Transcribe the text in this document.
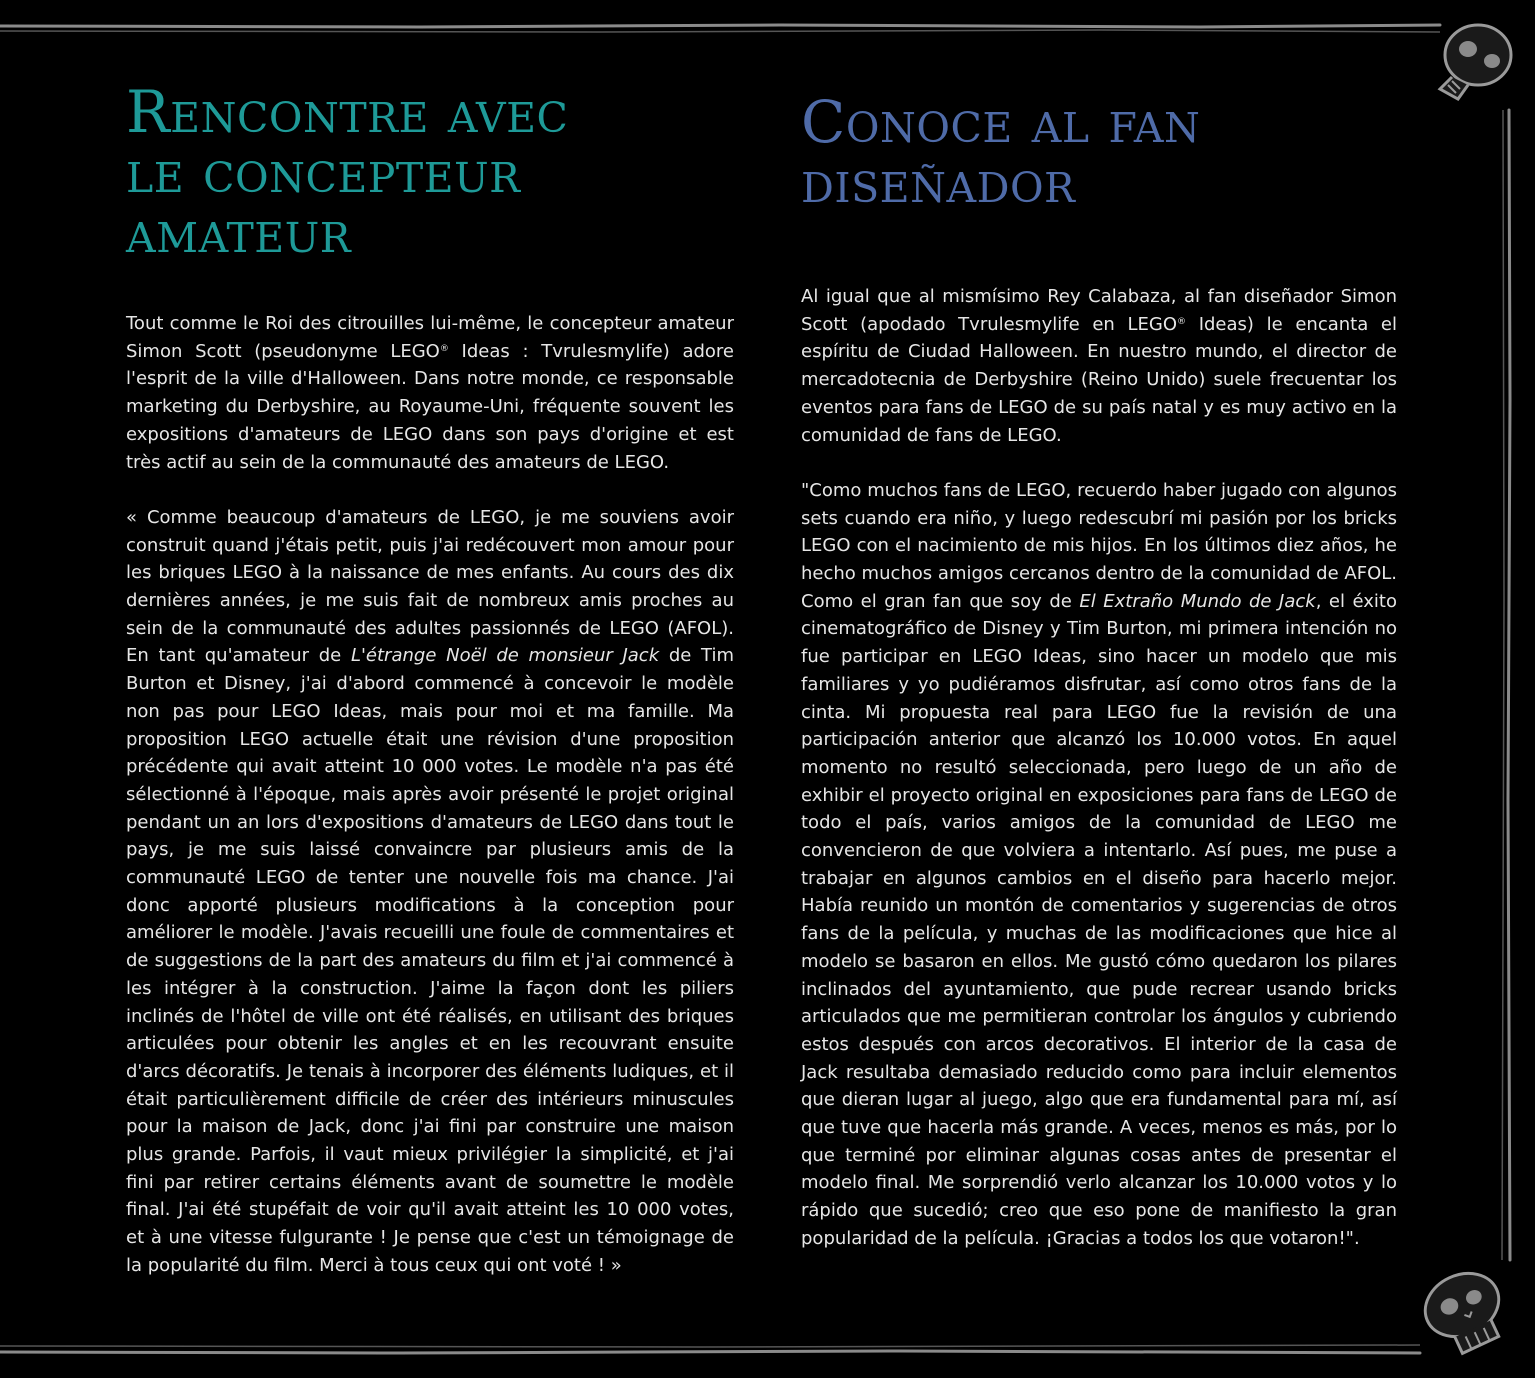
Rencontre avec
le concepteur
amateur

Tout comme le Roi des citrouilles lui-même, le concepteur amateur Simon Scott (pseudonyme LEGO® Ideas : Tvrulesmylife) adore l'esprit de la ville d'Halloween. Dans notre monde, ce responsable marketing du Derbyshire, au Royaume-Uni, fréquente souvent les expositions d'amateurs de LEGO dans son pays d'origine et est très actif au sein de la communauté des amateurs de LEGO.

« Comme beaucoup d'amateurs de LEGO, je me souviens avoir construit quand j'étais petit, puis j'ai redécouvert mon amour pour les briques LEGO à la naissance de mes enfants. Au cours des dix dernières années, je me suis fait de nombreux amis proches au sein de la communauté des adultes passionnés de LEGO (AFOL). En tant qu'amateur de L'étrange Noël de monsieur Jack de Tim Burton et Disney, j'ai d'abord commencé à concevoir le modèle non pas pour LEGO Ideas, mais pour moi et ma famille. Ma proposition LEGO actuelle était une révision d'une proposition précédente qui avait atteint 10 000 votes. Le modèle n'a pas été sélectionné à l'époque, mais après avoir présenté le projet original pendant un an lors d'expositions d'amateurs de LEGO dans tout le pays, je me suis laissé convaincre par plusieurs amis de la communauté LEGO de tenter une nouvelle fois ma chance. J'ai donc apporté plusieurs modifications à la conception pour améliorer le modèle. J'avais recueilli une foule de commentaires et de suggestions de la part des amateurs du film et j'ai commencé à les intégrer à la construction. J'aime la façon dont les piliers inclinés de l'hôtel de ville ont été réalisés, en utilisant des briques articulées pour obtenir les angles et en les recouvrant ensuite d'arcs décoratifs. Je tenais à incorporer des éléments ludiques, et il était particulièrement difficile de créer des intérieurs minuscules pour la maison de Jack, donc j'ai fini par construire une maison plus grande. Parfois, il vaut mieux privilégier la simplicité, et j'ai fini par retirer certains éléments avant de soumettre le modèle final. J'ai été stupéfait de voir qu'il avait atteint les 10 000 votes, et à une vitesse fulgurante ! Je pense que c'est un témoignage de la popularité du film. Merci à tous ceux qui ont voté ! »

Conoce al fan
diseñador

Al igual que al mismísimo Rey Calabaza, al fan diseñador Simon Scott (apodado Tvrulesmylife en LEGO® Ideas) le encanta el espíritu de Ciudad Halloween. En nuestro mundo, el director de mercadotecnia de Derbyshire (Reino Unido) suele frecuentar los eventos para fans de LEGO de su país natal y es muy activo en la comunidad de fans de LEGO.

"Como muchos fans de LEGO, recuerdo haber jugado con algunos sets cuando era niño, y luego redescubrí mi pasión por los bricks LEGO con el nacimiento de mis hijos. En los últimos diez años, he hecho muchos amigos cercanos dentro de la comunidad de AFOL. Como el gran fan que soy de El Extraño Mundo de Jack, el éxito cinematográfico de Disney y Tim Burton, mi primera intención no fue participar en LEGO Ideas, sino hacer un modelo que mis familiares y yo pudiéramos disfrutar, así como otros fans de la cinta. Mi propuesta real para LEGO fue la revisión de una participación anterior que alcanzó los 10.000 votos. En aquel momento no resultó seleccionada, pero luego de un año de exhibir el proyecto original en exposiciones para fans de LEGO de todo el país, varios amigos de la comunidad de LEGO me convencieron de que volviera a intentarlo. Así pues, me puse a trabajar en algunos cambios en el diseño para hacerlo mejor. Había reunido un montón de comentarios y sugerencias de otros fans de la película, y muchas de las modificaciones que hice al modelo se basaron en ellos. Me gustó cómo quedaron los pilares inclinados del ayuntamiento, que pude recrear usando bricks articulados que me permitieran controlar los ángulos y cubriendo estos después con arcos decorativos. El interior de la casa de Jack resultaba demasiado reducido como para incluir elementos que dieran lugar al juego, algo que era fundamental para mí, así que tuve que hacerla más grande. A veces, menos es más, por lo que terminé por eliminar algunas cosas antes de presentar el modelo final. Me sorprendió verlo alcanzar los 10.000 votos y lo rápido que sucedió; creo que eso pone de manifiesto la gran popularidad de la película. ¡Gracias a todos los que votaron!".
